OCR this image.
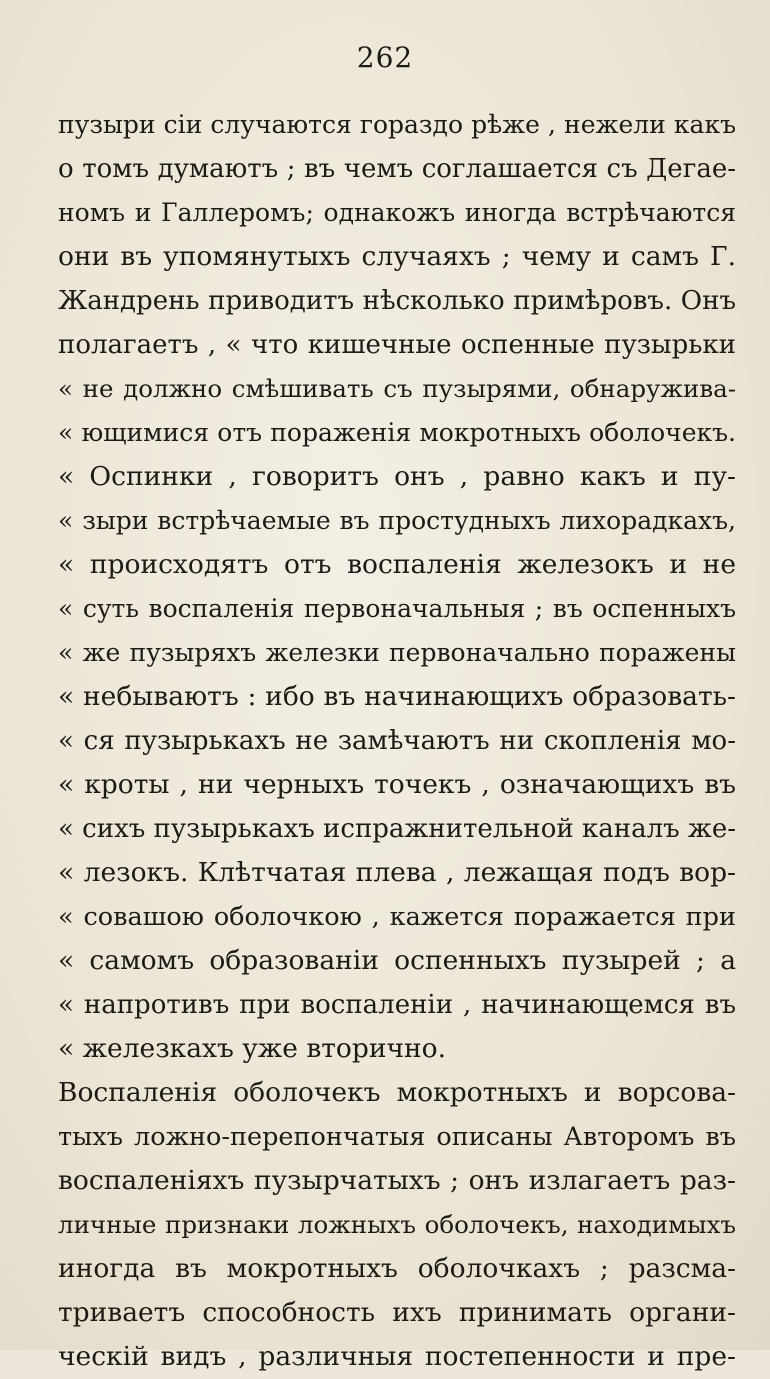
262
пузыри сіи случаются гораздо рѣже , нежели какъ
о томъ думаютъ ; въ чемъ соглашается съ Дегае-
номъ и Галлеромъ; однакожъ иногда встрѣчаются
они въ упомянутыхъ случаяхъ ; чему и самъ Г.
Жандрень приводитъ нѣсколько примѣровъ. Онъ
полагаетъ , « что кишечные оспенные пузырьки
« не должно смѣшивать съ пузырями, обнаружива-
« ющимися отъ пораженія мокротныхъ оболочекъ.
« Оспинки , говоритъ онъ , равно какъ и пу-
« зыри встрѣчаемые въ простудныхъ лихорадкахъ,
« происходятъ отъ воспаленія железокъ и не
« суть воспаленія первоначальныя ; въ оспенныхъ
« же пузыряхъ железки первоначально поражены
« небываютъ : ибо въ начинающихъ образовать-
« ся пузырькахъ не замѣчаютъ ни скопленія мо-
« кроты , ни черныхъ точекъ , означающихъ въ
« сихъ пузырькахъ испражнительной каналъ же-
« лезокъ. Клѣтчатая плева , лежащая подъ вор-
« совашою оболочкою , кажется поражается при
« самомъ образованіи оспенныхъ пузырей ; а
« напротивъ при воспаленіи , начинающемся въ
« железкахъ уже вторично.
Воспаленія оболочекъ мокротныхъ и ворсова-
тыхъ ложно-перепончатыя описаны Авторомъ въ
воспаленіяхъ пузырчатыхъ ; онъ излагаетъ раз-
личные признаки ложныхъ оболочекъ, находимыхъ
иногда въ мокротныхъ оболочкахъ ; разсма-
триваетъ способность ихъ принимать органи-
ческій видъ , различныя постепенности и пре-
